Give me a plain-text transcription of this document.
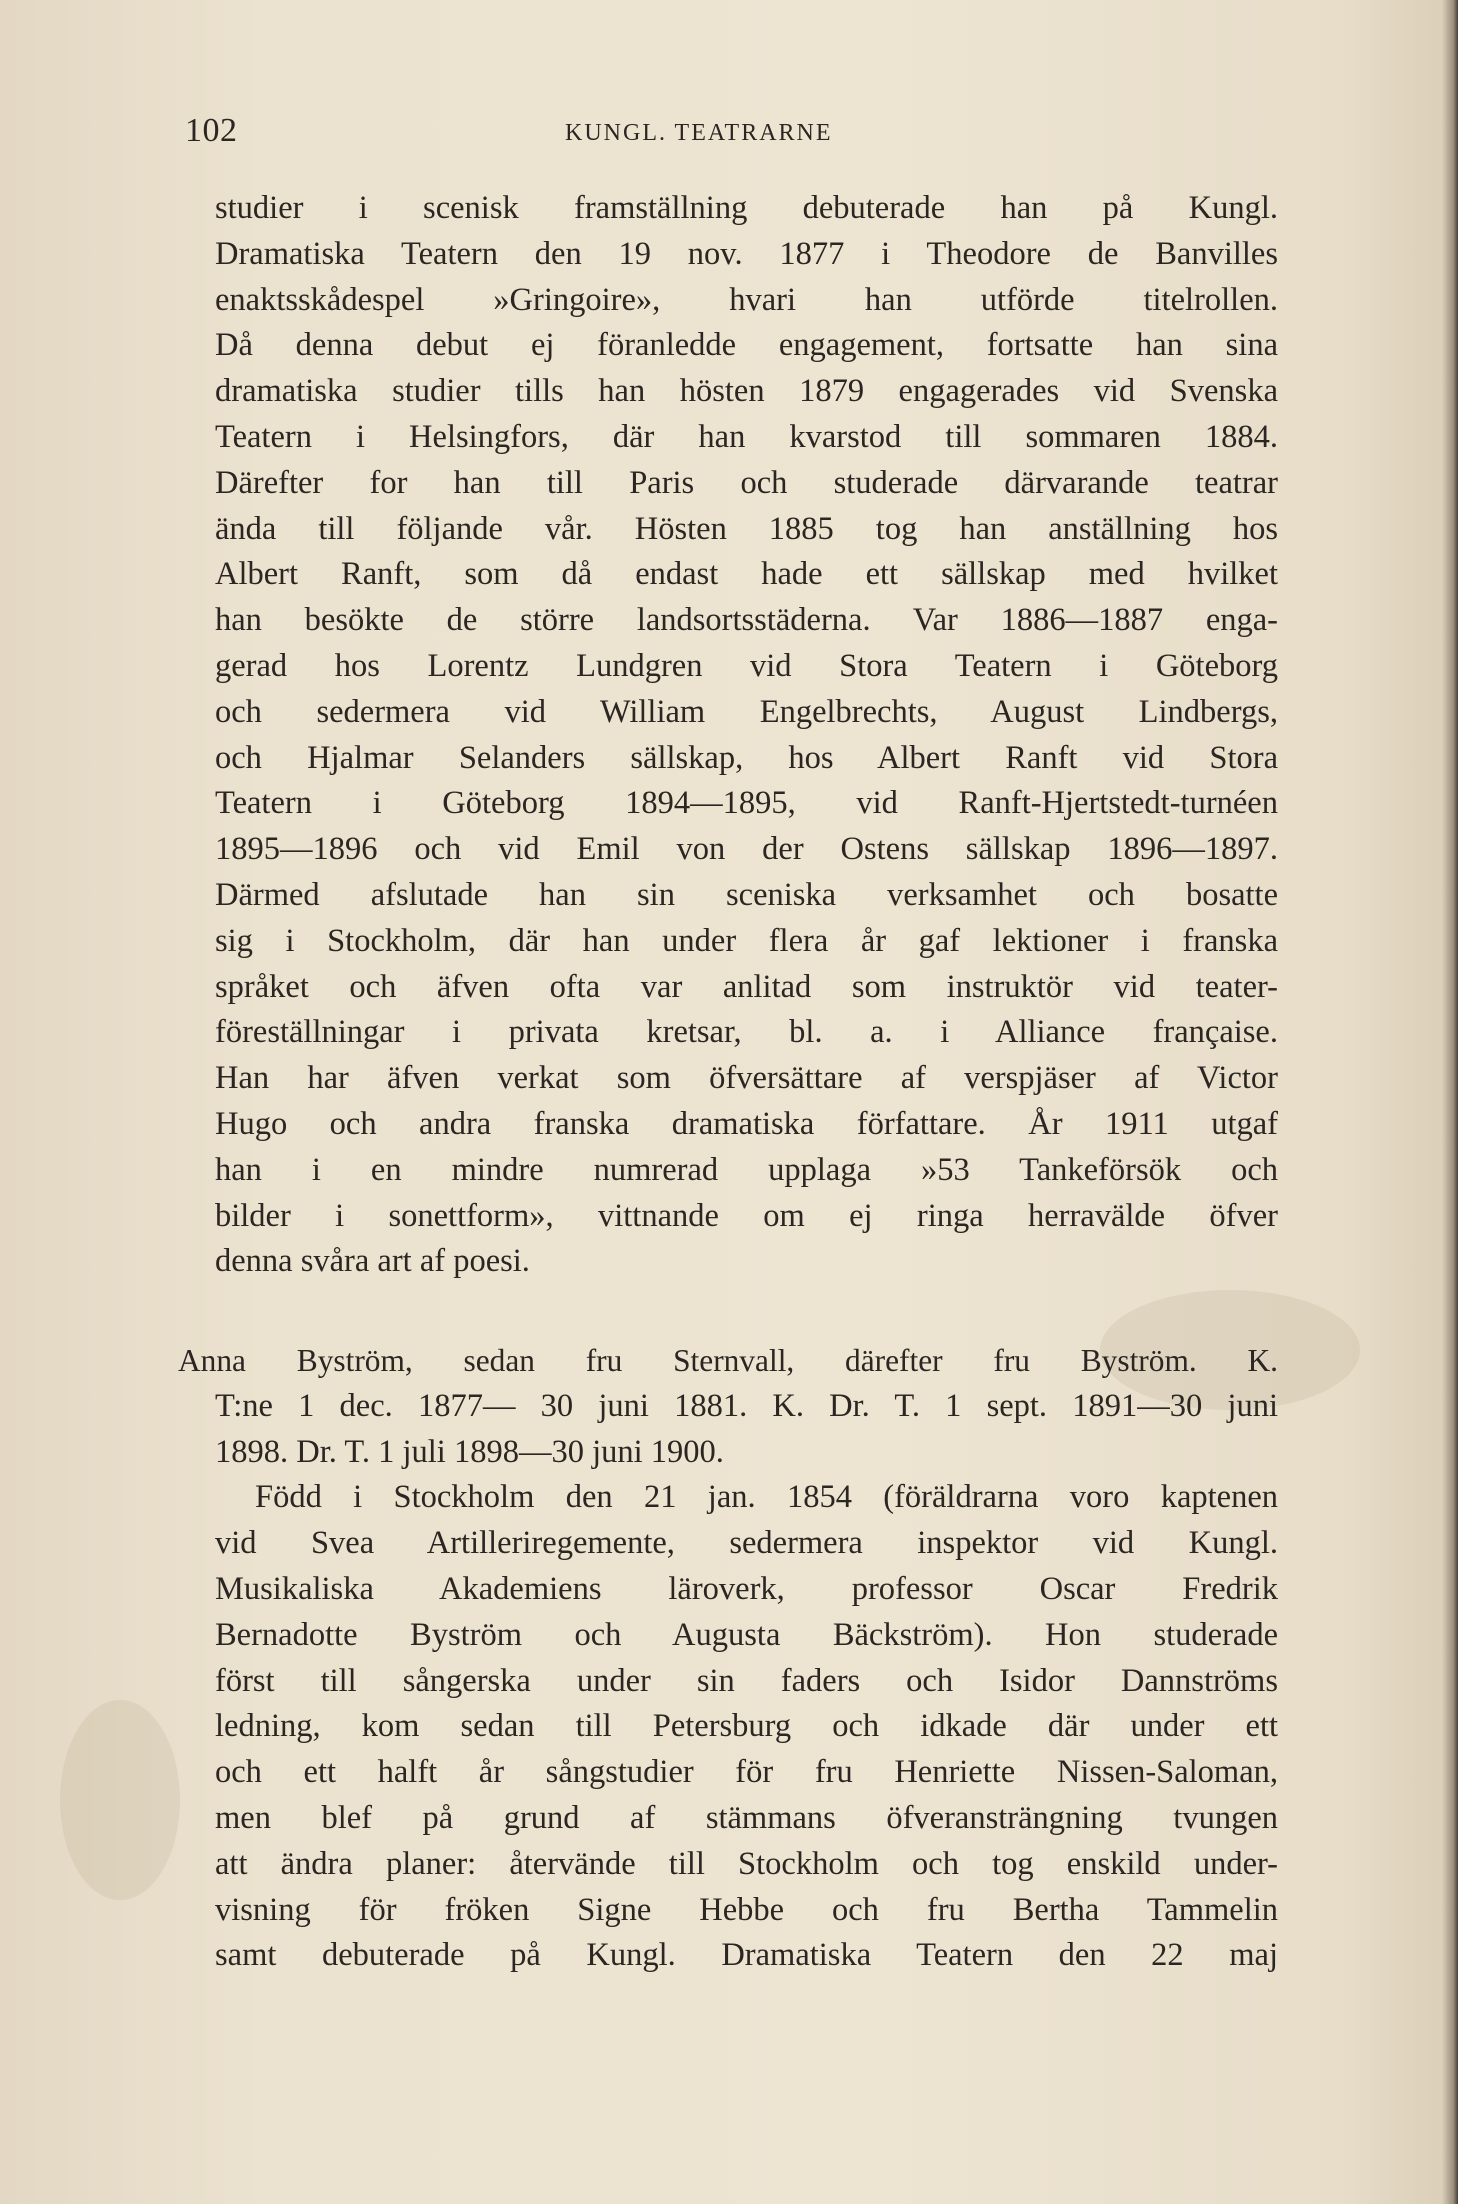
102	KUNGL. TEATRARNE
studier i scenisk framställning debuterade han på Kungl.
Dramatiska Teatern den 19 nov. 1877 i Theodore de Banvilles
enaktsskådespel »Gringoire», hvari han utförde titelrollen.
Då denna debut ej föranledde engagement, fortsatte han sina
dramatiska studier tills han hösten 1879 engagerades vid Svenska
Teatern i Helsingfors, där han kvarstod till sommaren 1884.
Därefter for han till Paris och studerade därvarande teatrar
ända till följande vår. Hösten 1885 tog han anställning hos
Albert Ranft, som då endast hade ett sällskap med hvilket
han besökte de större landsortsstäderna. Var 1886—1887 enga-
gerad hos Lorentz Lundgren vid Stora Teatern i Göteborg
och sedermera vid William Engelbrechts, August Lindbergs,
och Hjalmar Selanders sällskap, hos Albert Ranft vid Stora
Teatern i Göteborg 1894—1895, vid Ranft-Hjertstedt-turnéen
1895—1896 och vid Emil von der Ostens sällskap 1896—1897.
Därmed afslutade han sin sceniska verksamhet och bosatte
sig i Stockholm, där han under flera år gaf lektioner i franska
språket och äfven ofta var anlitad som instruktör vid teater-
föreställningar i privata kretsar, bl. a. i Alliance française.
Han har äfven verkat som öfversättare af verspjäser af Victor
Hugo och andra franska dramatiska författare. År 1911 utgaf
han i en mindre numrerad upplaga »53 Tankeförsök och
bilder i sonettform», vittnande om ej ringa herravälde öfver
denna svåra art af poesi.
Anna Byström, sedan fru Sternvall, därefter fru Byström. K.
T:ne 1 dec. 1877— 30 juni 1881. K. Dr. T. 1 sept. 1891—30 juni
1898. Dr. T. 1 juli 1898—30 juni 1900.
Född i Stockholm den 21 jan. 1854 (föräldrarna voro kaptenen
vid Svea Artilleriregemente, sedermera inspektor vid Kungl.
Musikaliska Akademiens läroverk, professor Oscar Fredrik
Bernadotte Byström och Augusta Bäckström). Hon studerade
först till sångerska under sin faders och Isidor Dannströms
ledning, kom sedan till Petersburg och idkade där under ett
och ett halft år sångstudier för fru Henriette Nissen-Saloman,
men blef på grund af stämmans öfveransträngning tvungen
att ändra planer: återvände till Stockholm och tog enskild under-
visning för fröken Signe Hebbe och fru Bertha Tammelin
samt debuterade på Kungl. Dramatiska Teatern den 22 maj
